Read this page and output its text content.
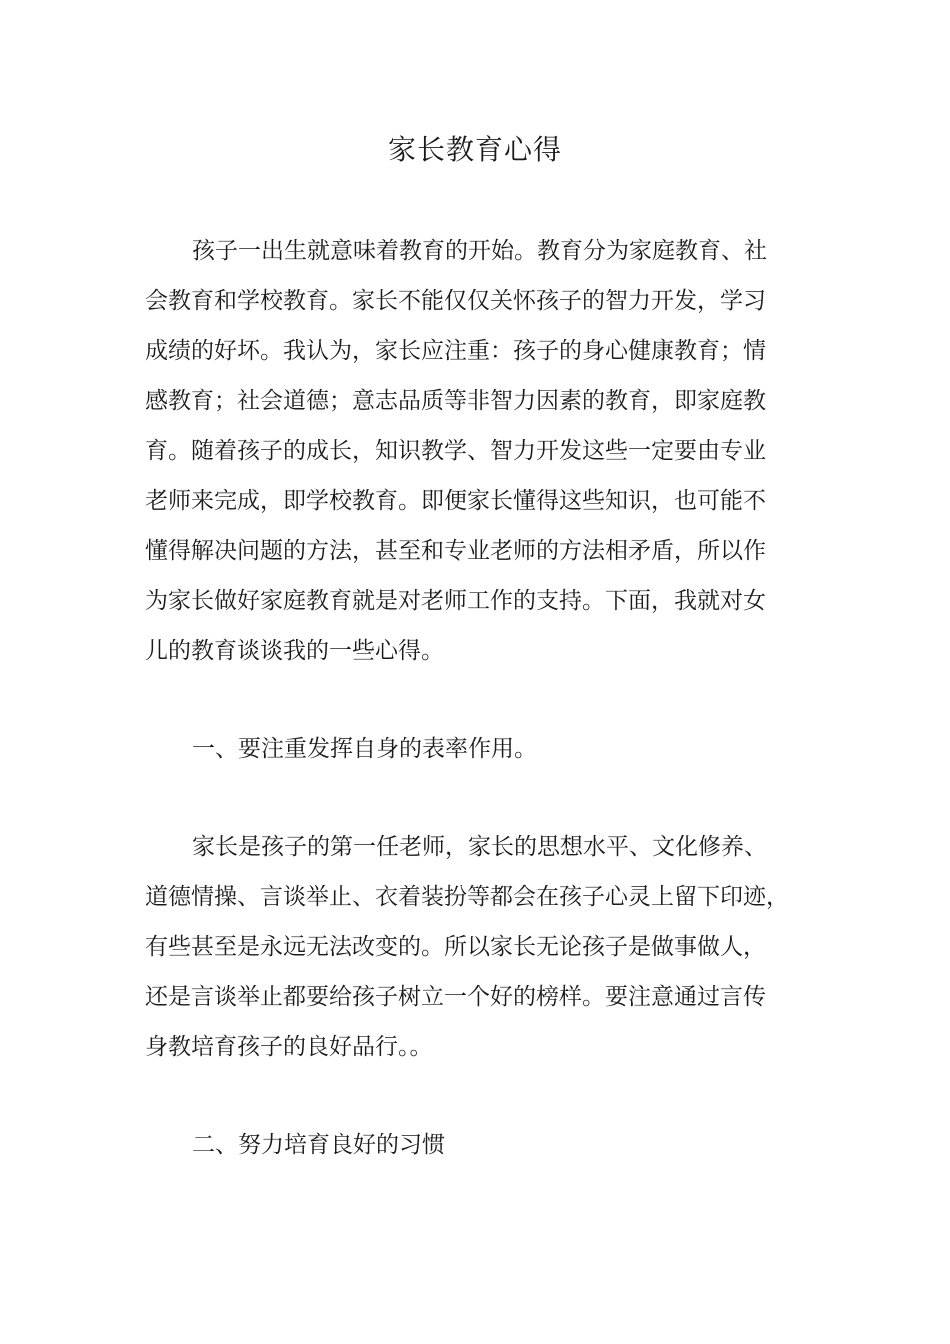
家长教育心得
孩子一出生就意味着教育的开始。教育分为家庭教育、社
会教育和学校教育。家长不能仅仅关怀孩子的智力开发，学习
成绩的好坏。我认为，家长应注重：孩子的身心健康教育；情
感教育；社会道德；意志品质等非智力因素的教育，即家庭教
育。随着孩子的成长，知识教学、智力开发这些一定要由专业
老师来完成，即学校教育。即便家长懂得这些知识，也可能不
懂得解决问题的方法，甚至和专业老师的方法相矛盾，所以作
为家长做好家庭教育就是对老师工作的支持。下面，我就对女
儿的教育谈谈我的一些心得。
一、要注重发挥自身的表率作用。
家长是孩子的第一任老师，家长的思想水平、文化修养、
道德情操、言谈举止、衣着装扮等都会在孩子心灵上留下印迹，
有些甚至是永远无法改变的。所以家长无论孩子是做事做人，
还是言谈举止都要给孩子树立一个好的榜样。要注意通过言传
身教培育孩子的良好品行。。
二、努力培育良好的习惯
